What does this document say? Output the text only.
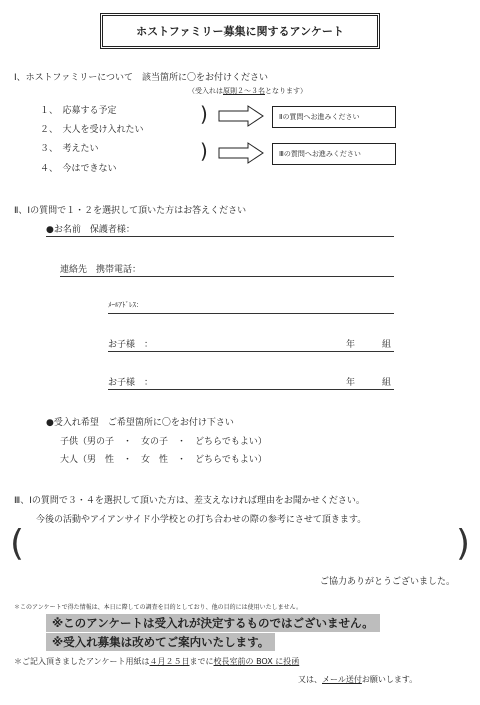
ホストファミリー募集に関するアンケート
Ⅰ、ホストファミリーについて　該当箇所に〇をお付けください
（受入れは原則２～３名となります）
１、　応募する予定
２、　大人を受け入れたい
３、　考えたい
４、　今はできない
)
)
Ⅱの質問へお進みください
Ⅲの質問へお進みください
Ⅱ、Ⅰの質問で１・２を選択して頂いた方はお答えください
●お名前　保護者様：
連絡先　携帯電話：
ﾒｰﾙｱﾄﾞﾚｽ：
お子様　：	年	組
お子様　：	年	組
●受入れ希望　ご希望箇所に〇をお付け下さい
子供（男の子　・　女の子　・　どちらでもよい）
大人（男　性　・　女　性　・　どちらでもよい）
Ⅲ、Ⅰの質問で３・４を選択して頂いた方は、差支えなければ理由をお聞かせください。
今後の活動やアイアンサイド小学校との打ち合わせの際の参考にさせて頂きます。
(	)
ご協力ありがとうございました。
＊このアンケートで得た情報は、本日に際しての調査を目的としており、他の目的には使用いたしません。
※このアンケートは受入れが決定するものではございません。
※受入れ募集は改めてご案内いたします。
＊ご記入頂きましたアンケート用紙は４月２５日までに校長室前の BOX に投函
又は、メール送付お願いします。
